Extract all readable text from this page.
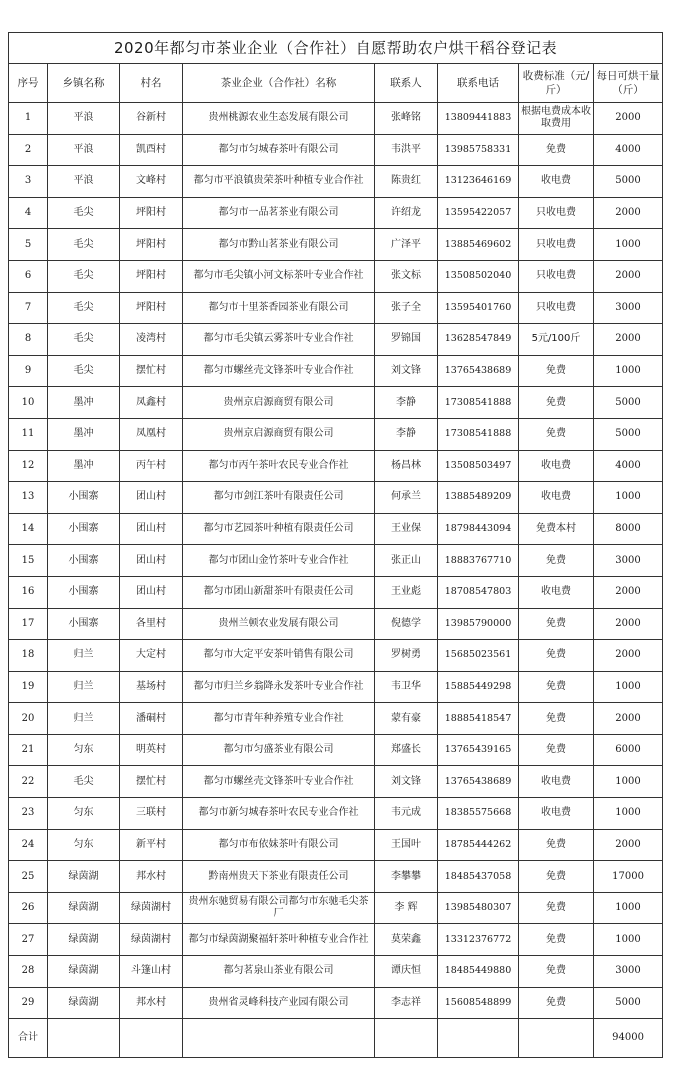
2020年都匀市茶业企业（合作社）自愿帮助农户烘干稻谷登记表							
序号	乡镇名称	村名	茶业企业（合作社）名称	联系人	联系电话	收费标准（元/斤）	每日可烘干量（斤）
1	平浪	谷新村	贵州桃源农业生态发展有限公司	张峰铭	13809441883	根据电费成本收取费用	2000
2	平浪	凯酉村	都匀市匀城春茶叶有限公司	韦洪平	13985758331	免费	4000
3	平浪	文峰村	都匀市平浪镇贵荣茶叶种植专业合作社	陈贵红	13123646169	收电费	5000
4	毛尖	坪阳村	都匀市一品茗茶业有限公司	许绍龙	13595422057	只收电费	2000
5	毛尖	坪阳村	都匀市黔山茗茶业有限公司	广泽平	13885469602	只收电费	1000
6	毛尖	坪阳村	都匀市毛尖镇小河文标茶叶专业合作社	张文标	13508502040	只收电费	2000
7	毛尖	坪阳村	都匀市十里茶香园茶业有限公司	张子全	13595401760	只收电费	3000
8	毛尖	凌湾村	都匀市毛尖镇云雾茶叶专业合作社	罗锦国	13628547849	5元/100斤	2000
9	毛尖	摆忙村	都匀市螺丝壳文锋茶叶专业合作社	刘文锋	13765438689	免费	1000
10	墨冲	凤鑫村	贵州京启源商贸有限公司	李静	17308541888	免费	5000
11	墨冲	凤凰村	贵州京启源商贸有限公司	李静	17308541888	免费	5000
12	墨冲	丙午村	都匀市丙午茶叶农民专业合作社	杨昌林	13508503497	收电费	4000
13	小围寨	团山村	都匀市剑江茶叶有限责任公司	何承兰	13885489209	收电费	1000
14	小围寨	团山村	都匀市艺园茶叶种植有限责任公司	王业保	18798443094	免费本村	8000
15	小围寨	团山村	都匀市团山金竹茶叶专业合作社	张正山	18883767710	免费	3000
16	小围寨	团山村	都匀市团山新甜茶叶有限责任公司	王业彪	18708547803	收电费	2000
17	小围寨	各里村	贵州兰顿农业发展有限公司	倪德学	13985790000	免费	2000
18	归兰	大定村	都匀市大定平安茶叶销售有限公司	罗树勇	15685023561	免费	2000
19	归兰	基场村	都匀市归兰乡翁降永发茶叶专业合作社	韦卫华	15885449298	免费	1000
20	归兰	潘硐村	都匀市青年种养殖专业合作社	蒙有豪	18885418547	免费	2000
21	匀东	明英村	都匀市匀盛茶业有限公司	郑盛长	13765439165	免费	6000
22	毛尖	摆忙村	都匀市螺丝壳文锋茶叶专业合作社	刘文锋	13765438689	收电费	1000
23	匀东	三联村	都匀市新匀城春茶叶农民专业合作社	韦元成	18385575668	收电费	1000
24	匀东	新平村	都匀市布依妹茶叶有限公司	王国叶	18785444262	免费	2000
25	绿茵湖	邦水村	黔南州贵天下茶业有限责任公司	李攀攀	18485437058	免费	17000
26	绿茵湖	绿茵湖村	贵州东驰贸易有限公司都匀市东驰毛尖茶厂	李 辉	13985480307	免费	1000
27	绿茵湖	绿茵湖村	都匀市绿茵湖聚福轩茶叶种植专业合作社	莫荣鑫	13312376772	免费	1000
28	绿茵湖	斗篷山村	都匀茗泉山茶业有限公司	谭庆恒	18485449880	免费	3000
29	绿茵湖	邦水村	贵州省灵峰科技产业园有限公司	李志祥	15608548899	免费	5000
合计							94000
